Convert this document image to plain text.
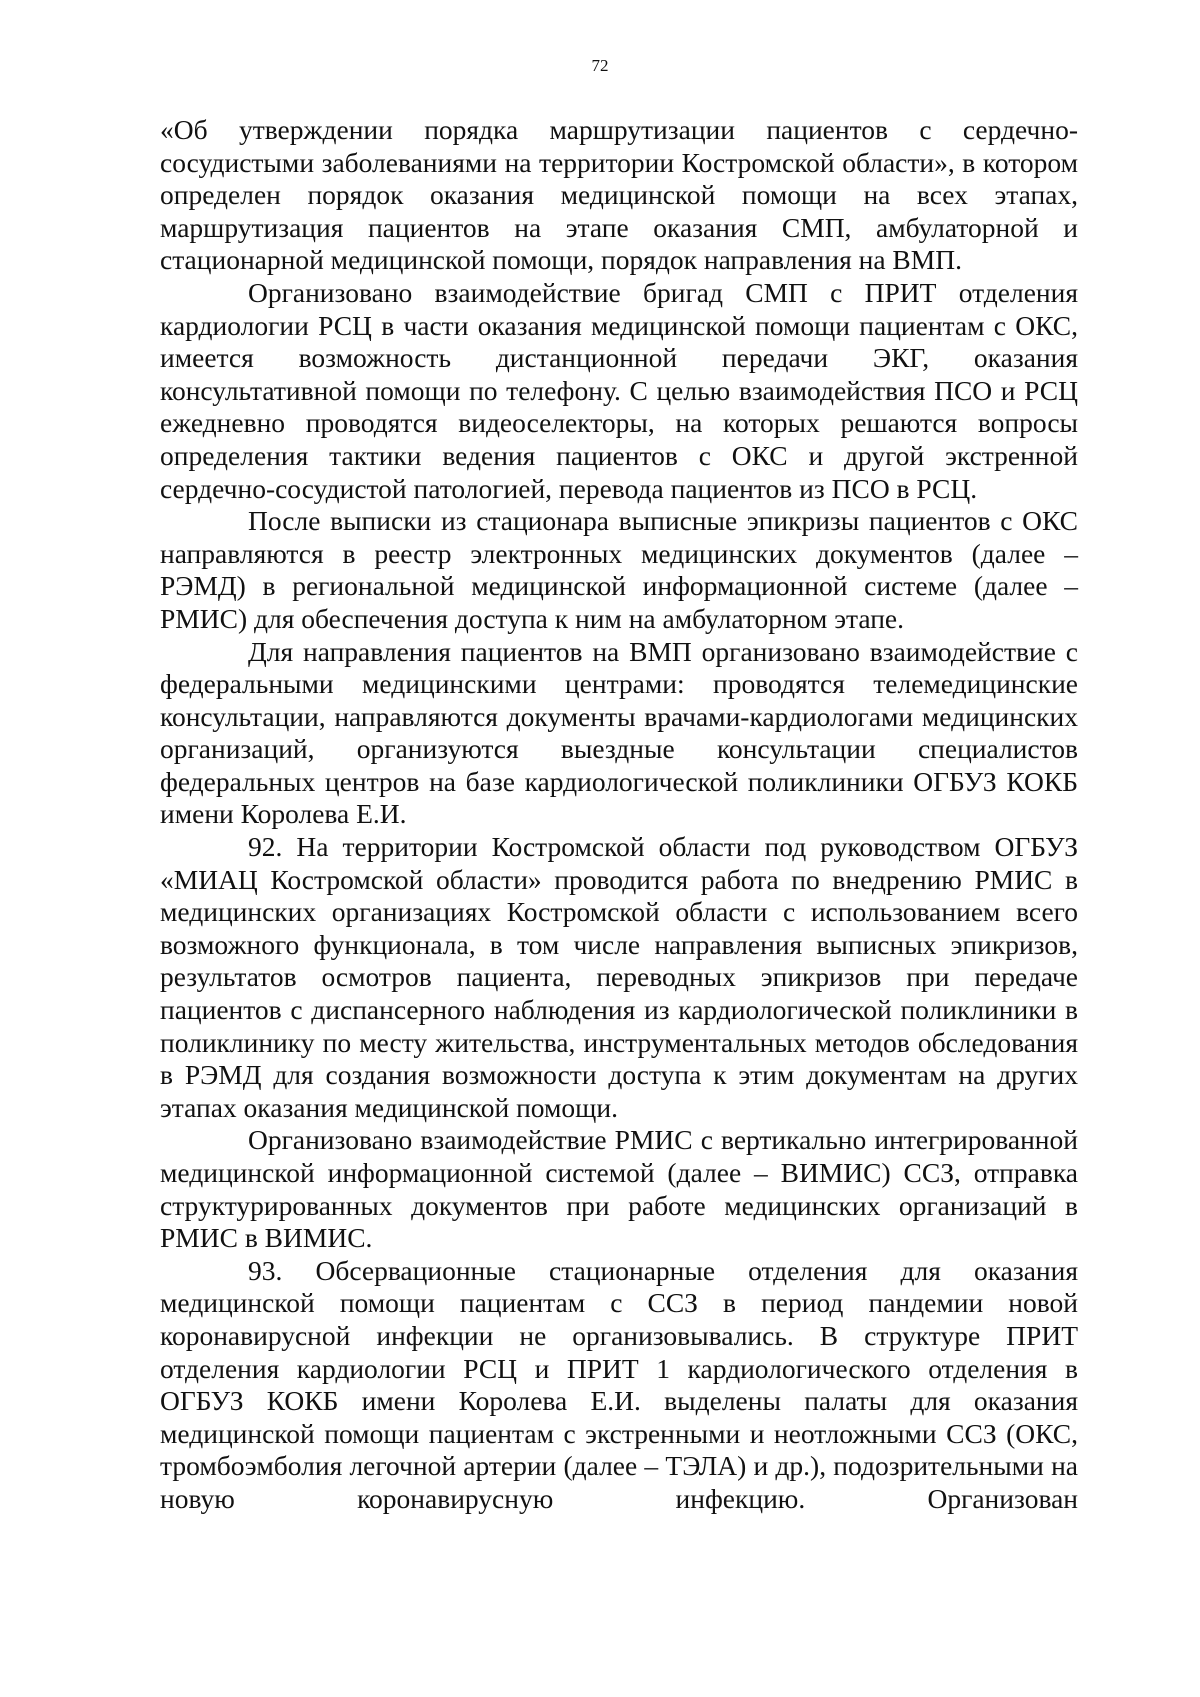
72

«Об утверждении порядка маршрутизации пациентов с сердечно-сосудистыми заболеваниями на территории Костромской области», в котором определен порядок оказания медицинской помощи на всех этапах, маршрутизация пациентов на этапе оказания СМП, амбулаторной и стационарной медицинской помощи, порядок направления на ВМП.

Организовано взаимодействие бригад СМП с ПРИТ отделения кардиологии РСЦ в части оказания медицинской помощи пациентам с ОКС, имеется возможность дистанционной передачи ЭКГ, оказания консультативной помощи по телефону. С целью взаимодействия ПСО и РСЦ ежедневно проводятся видеоселекторы, на которых решаются вопросы определения тактики ведения пациентов с ОКС и другой экстренной сердечно-сосудистой патологией, перевода пациентов из ПСО в РСЦ.

После выписки из стационара выписные эпикризы пациентов с ОКС направляются в реестр электронных медицинских документов (далее – РЭМД) в региональной медицинской информационной системе (далее – РМИС) для обеспечения доступа к ним на амбулаторном этапе.

Для направления пациентов на ВМП организовано взаимодействие с федеральными медицинскими центрами: проводятся телемедицинские консультации, направляются документы врачами-кардиологами медицинских организаций, организуются выездные консультации специалистов федеральных центров на базе кардиологической поликлиники ОГБУЗ КОКБ имени Королева Е.И.

92. На территории Костромской области под руководством ОГБУЗ «МИАЦ Костромской области» проводится работа по внедрению РМИС в медицинских организациях Костромской области с использованием всего возможного функционала, в том числе направления выписных эпикризов, результатов осмотров пациента, переводных эпикризов при передаче пациентов с диспансерного наблюдения из кардиологической поликлиники в поликлинику по месту жительства, инструментальных методов обследования в РЭМД для создания возможности доступа к этим документам на других этапах оказания медицинской помощи.

Организовано взаимодействие РМИС с вертикально интегрированной медицинской информационной системой (далее – ВИМИС) ССЗ, отправка структурированных документов при работе медицинских организаций в РМИС в ВИМИС.

93. Обсервационные стационарные отделения для оказания медицинской помощи пациентам с ССЗ в период пандемии новой коронавирусной инфекции не организовывались. В структуре ПРИТ отделения кардиологии РСЦ и ПРИТ 1 кардиологического отделения в ОГБУЗ КОКБ имени Королева Е.И. выделены палаты для оказания медицинской помощи пациентам с экстренными и неотложными ССЗ (ОКС, тромбоэмболия легочной артерии (далее – ТЭЛА) и др.), подозрительными на новую коронавирусную инфекцию. Организован
